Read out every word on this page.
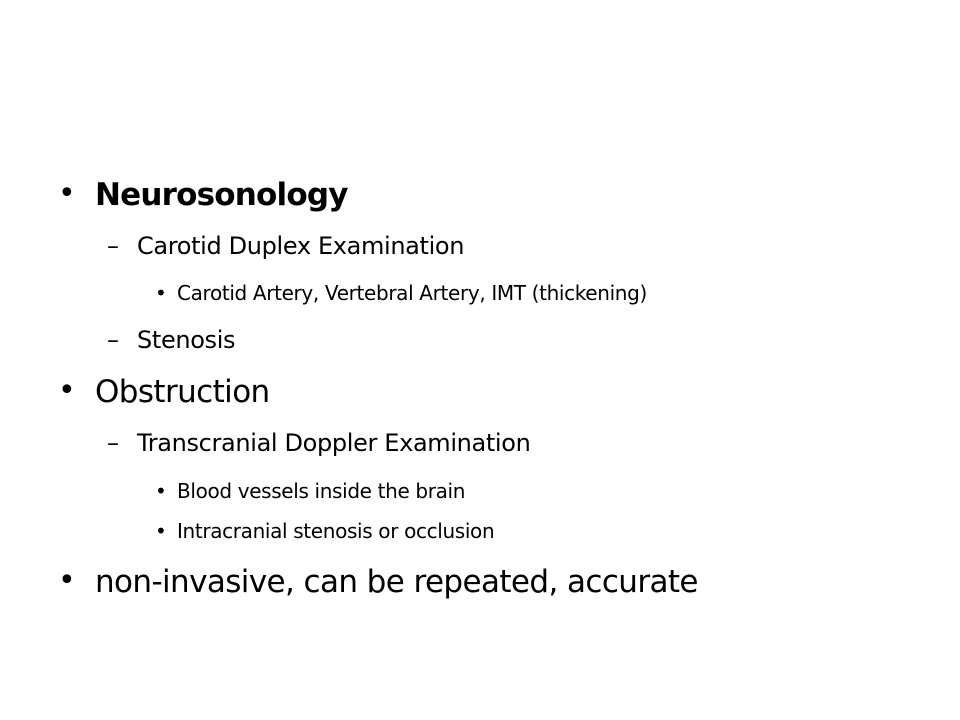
• Neurosonology
– Carotid Duplex Examination
• Carotid Artery, Vertebral Artery, IMT (thickening)
– Stenosis
• Obstruction
– Transcranial Doppler Examination
• Blood vessels inside the brain
• Intracranial stenosis or occlusion
• non-invasive, can be repeated, accurate
